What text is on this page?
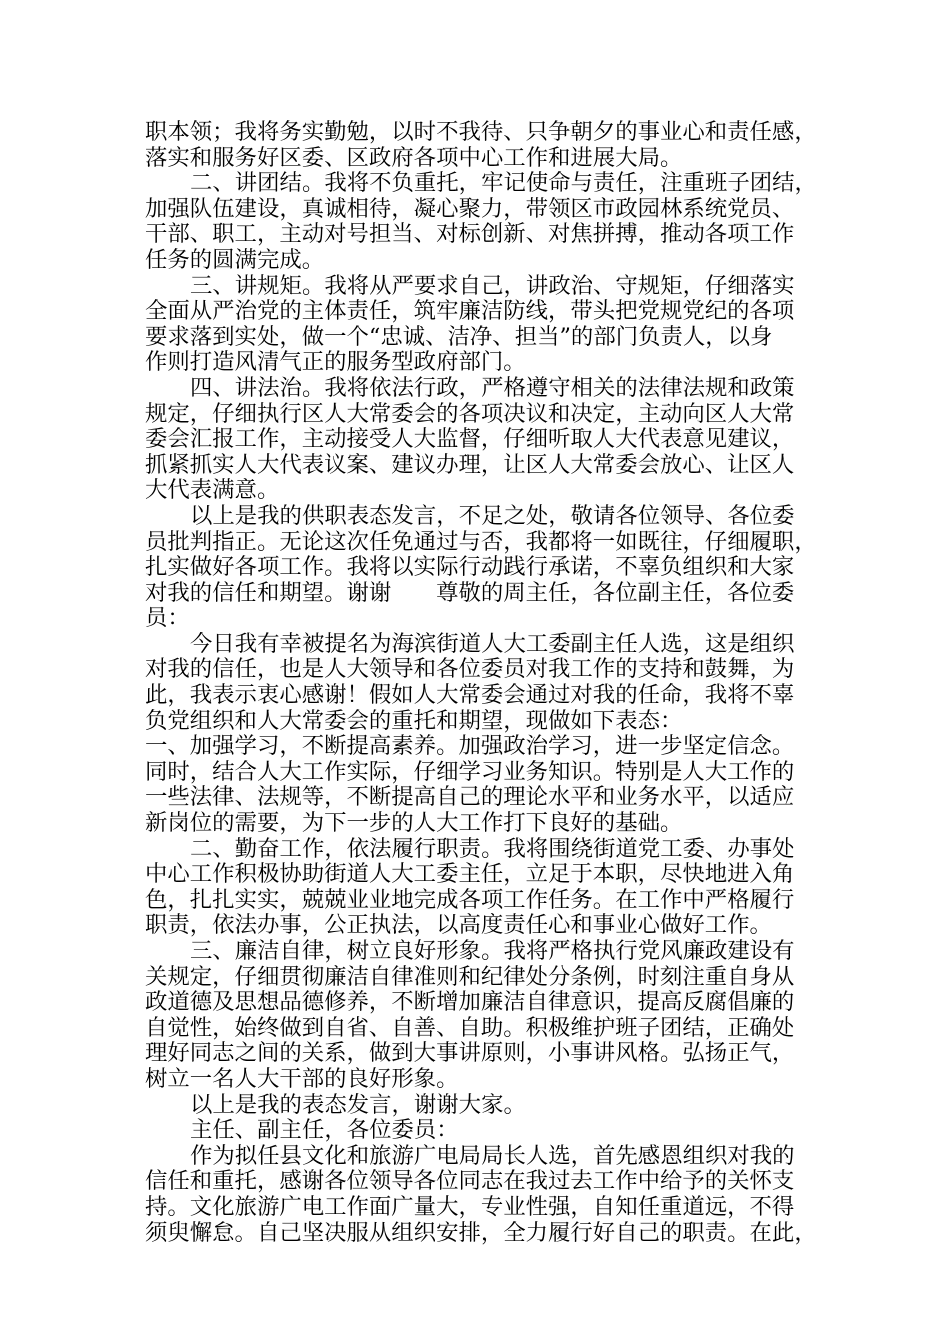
职本领；我将务实勤勉，以时不我待、只争朝夕的事业心和责任感，
落实和服务好区委、区政府各项中心工作和进展大局。
二、讲团结。我将不负重托，牢记使命与责任，注重班子团结，
加强队伍建设，真诚相待，凝心聚力，带领区市政园林系统党员、
干部、职工，主动对号担当、对标创新、对焦拼搏，推动各项工作
任务的圆满完成。
三、讲规矩。我将从严要求自己，讲政治、守规矩，仔细落实
全面从严治党的主体责任，筑牢廉洁防线，带头把党规党纪的各项
要求落到实处，做一个“忠诚、洁净、担当”的部门负责人，以身
作则打造风清气正的服务型政府部门。
四、讲法治。我将依法行政，严格遵守相关的法律法规和政策
规定，仔细执行区人大常委会的各项决议和决定，主动向区人大常
委会汇报工作，主动接受人大监督，仔细听取人大代表意见建议，
抓紧抓实人大代表议案、建议办理，让区人大常委会放心、让区人
大代表满意。
以上是我的供职表态发言，不足之处，敬请各位领导、各位委
员批判指正。无论这次任免通过与否，我都将一如既往，仔细履职，
扎实做好各项工作。我将以实际行动践行承诺，不辜负组织和大家
对我的信任和期望。谢谢　　尊敬的周主任，各位副主任，各位委
员：
今日我有幸被提名为海滨街道人大工委副主任人选，这是组织
对我的信任，也是人大领导和各位委员对我工作的支持和鼓舞，为
此，我表示衷心感谢！假如人大常委会通过对我的任命，我将不辜
负党组织和人大常委会的重托和期望，现做如下表态：
一、加强学习，不断提高素养。加强政治学习，进一步坚定信念。
同时，结合人大工作实际，仔细学习业务知识。特别是人大工作的
一些法律、法规等，不断提高自己的理论水平和业务水平，以适应
新岗位的需要，为下一步的人大工作打下良好的基础。
二、勤奋工作，依法履行职责。我将围绕街道党工委、办事处
中心工作积极协助街道人大工委主任，立足于本职，尽快地进入角
色，扎扎实实，兢兢业业地完成各项工作任务。在工作中严格履行
职责，依法办事，公正执法，以高度责任心和事业心做好工作。
三、廉洁自律，树立良好形象。我将严格执行党风廉政建设有
关规定，仔细贯彻廉洁自律准则和纪律处分条例，时刻注重自身从
政道德及思想品德修养，不断增加廉洁自律意识，提高反腐倡廉的
自觉性，始终做到自省、自善、自助。积极维护班子团结，正确处
理好同志之间的关系，做到大事讲原则，小事讲风格。弘扬正气，
树立一名人大干部的良好形象。
以上是我的表态发言，谢谢大家。
主任、副主任，各位委员：
作为拟任县文化和旅游广电局局长人选，首先感恩组织对我的
信任和重托，感谢各位领导各位同志在我过去工作中给予的关怀支
持。文化旅游广电工作面广量大，专业性强，自知任重道远，不得
须臾懈怠。自己坚决服从组织安排，全力履行好自己的职责。在此，
